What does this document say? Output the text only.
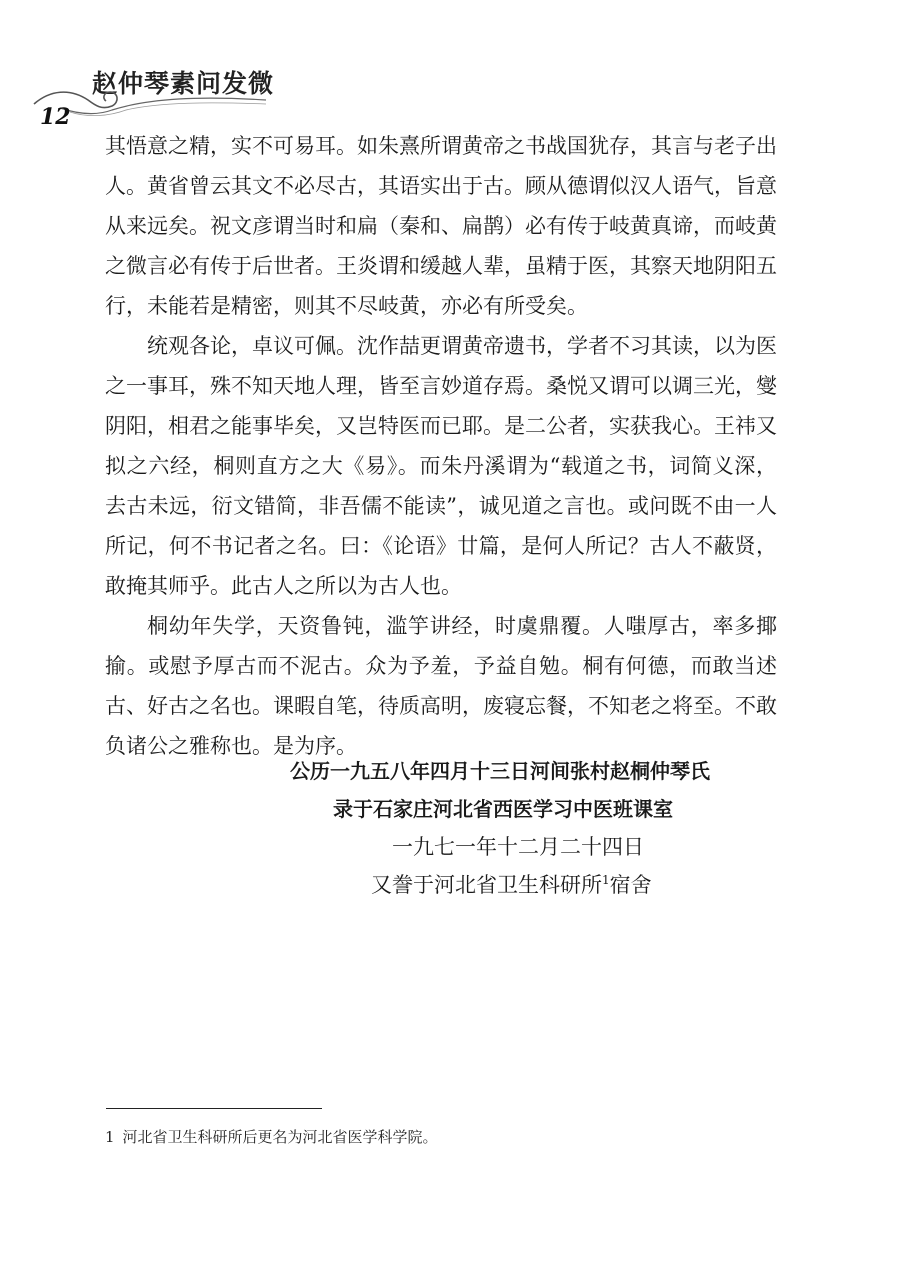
赵仲琴素问发微
12

其悟意之精，实不可易耳。如朱熹所谓黄帝之书战国犹存，其言与老子出人。黄省曾云其文不必尽古，其语实出于古。顾从德谓似汉人语气，旨意从来远矣。祝文彦谓当时和扁（秦和、扁鹊）必有传于岐黄真谛，而岐黄之微言必有传于后世者。王炎谓和缓越人辈，虽精于医，其察天地阴阳五行，未能若是精密，则其不尽岐黄，亦必有所受矣。

统观各论，卓议可佩。沈作喆更谓黄帝遗书，学者不习其读，以为医之一事耳，殊不知天地人理，皆至言妙道存焉。桑悦又谓可以调三光，燮阴阳，相君之能事毕矣，又岂特医而已耶。是二公者，实获我心。王祎又拟之六经，桐则直方之大《易》。而朱丹溪谓为“载道之书，词简义深，去古未远，衍文错简，非吾儒不能读”，诚见道之言也。或问既不由一人所记，何不书记者之名。曰：《论语》廿篇，是何人所记？古人不蔽贤，敢掩其师乎。此古人之所以为古人也。

桐幼年失学，天资鲁钝，滥竽讲经，时虞鼎覆。人嗤厚古，率多揶揄。或慰予厚古而不泥古。众为予羞，予益自勉。桐有何德，而敢当述古、好古之名也。课暇自笔，待质高明，废寝忘餐，不知老之将至。不敢负诸公之雅称也。是为序。

公历一九五八年四月十三日河间张村赵桐仲琴氏

录于石家庄河北省西医学习中医班课室

一九七一年十二月二十四日

又誊于河北省卫生科研所$^1$宿舍

1 河北省卫生科研所后更名为河北省医学科学院。
